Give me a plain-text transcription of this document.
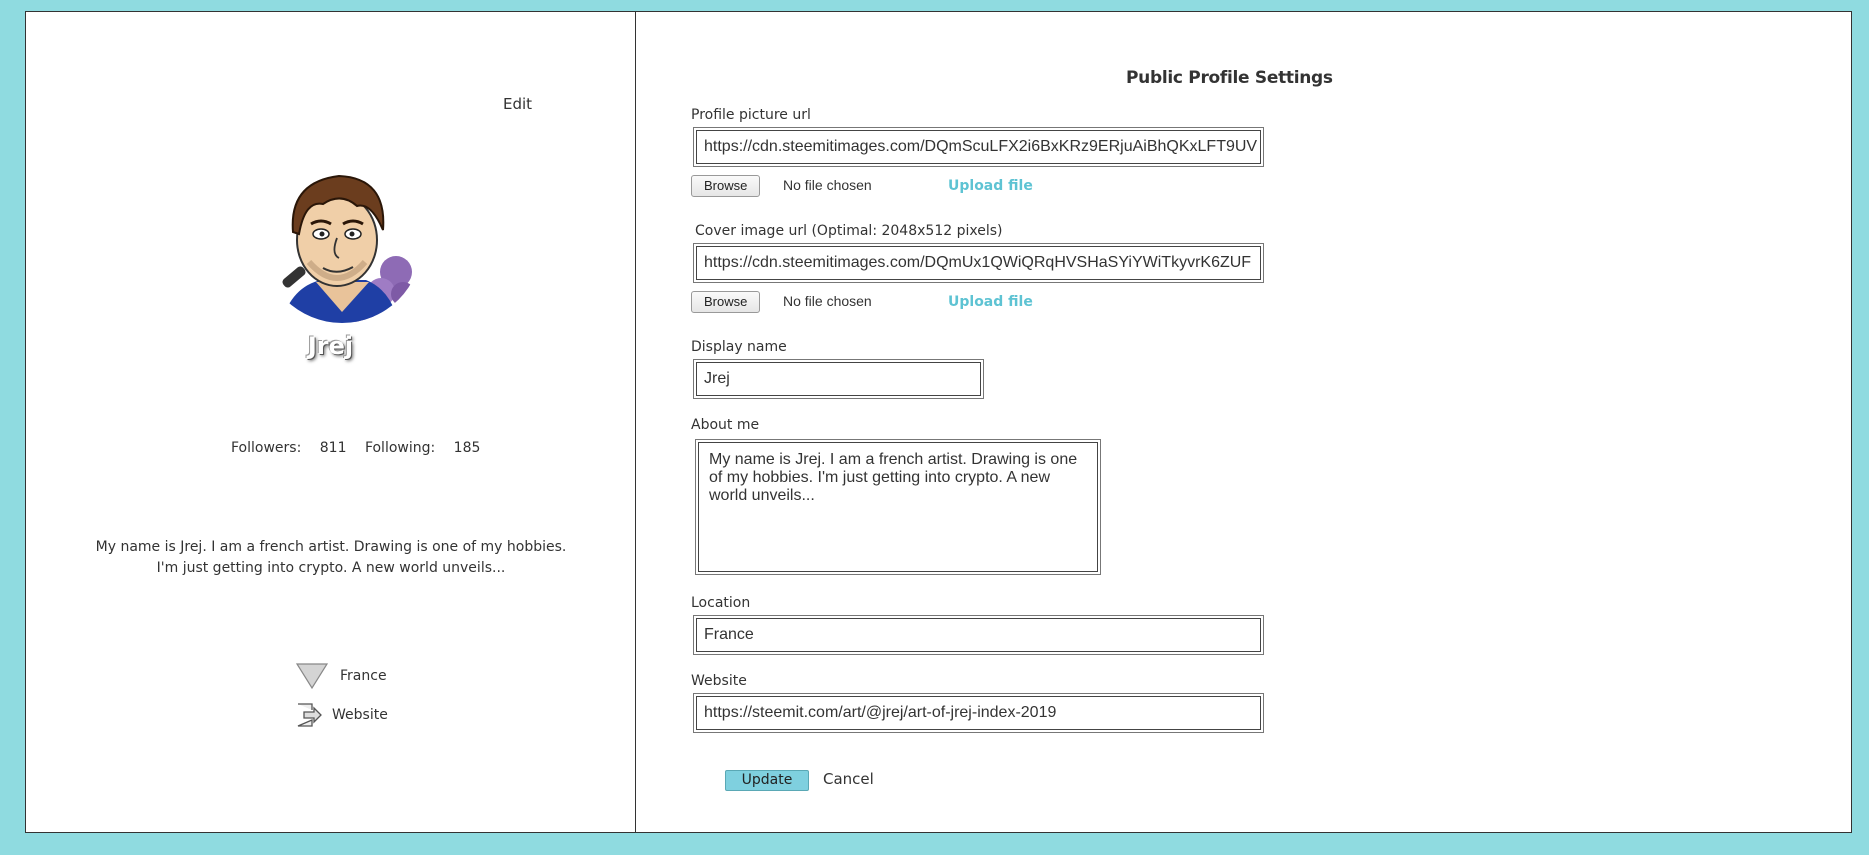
Edit
Jrej
Followers: 811 Following: 185
My name is Jrej. I am a french artist. Drawing is one of my hobbies. I'm just getting into crypto. A new world unveils...
France
Website
Public Profile Settings
Profile picture url
https://cdn.steemitimages.com/DQmScuLFX2i6BxKRz9ERjuAiBhQKxLFT9UV
Browse	No file chosen	Upload file
Cover image url (Optimal: 2048x512 pixels)
https://cdn.steemitimages.com/DQmUx1QWiQRqHVSHaSYiYWiTkyvrK6ZUF
Browse	No file chosen	Upload file
Display name
Jrej
About me
My name is Jrej. I am a french artist. Drawing is one of my hobbies. I'm just getting into crypto. A new world unveils...
Location
France
Website
https://steemit.com/art/@jrej/art-of-jrej-index-2019
Update	Cancel
